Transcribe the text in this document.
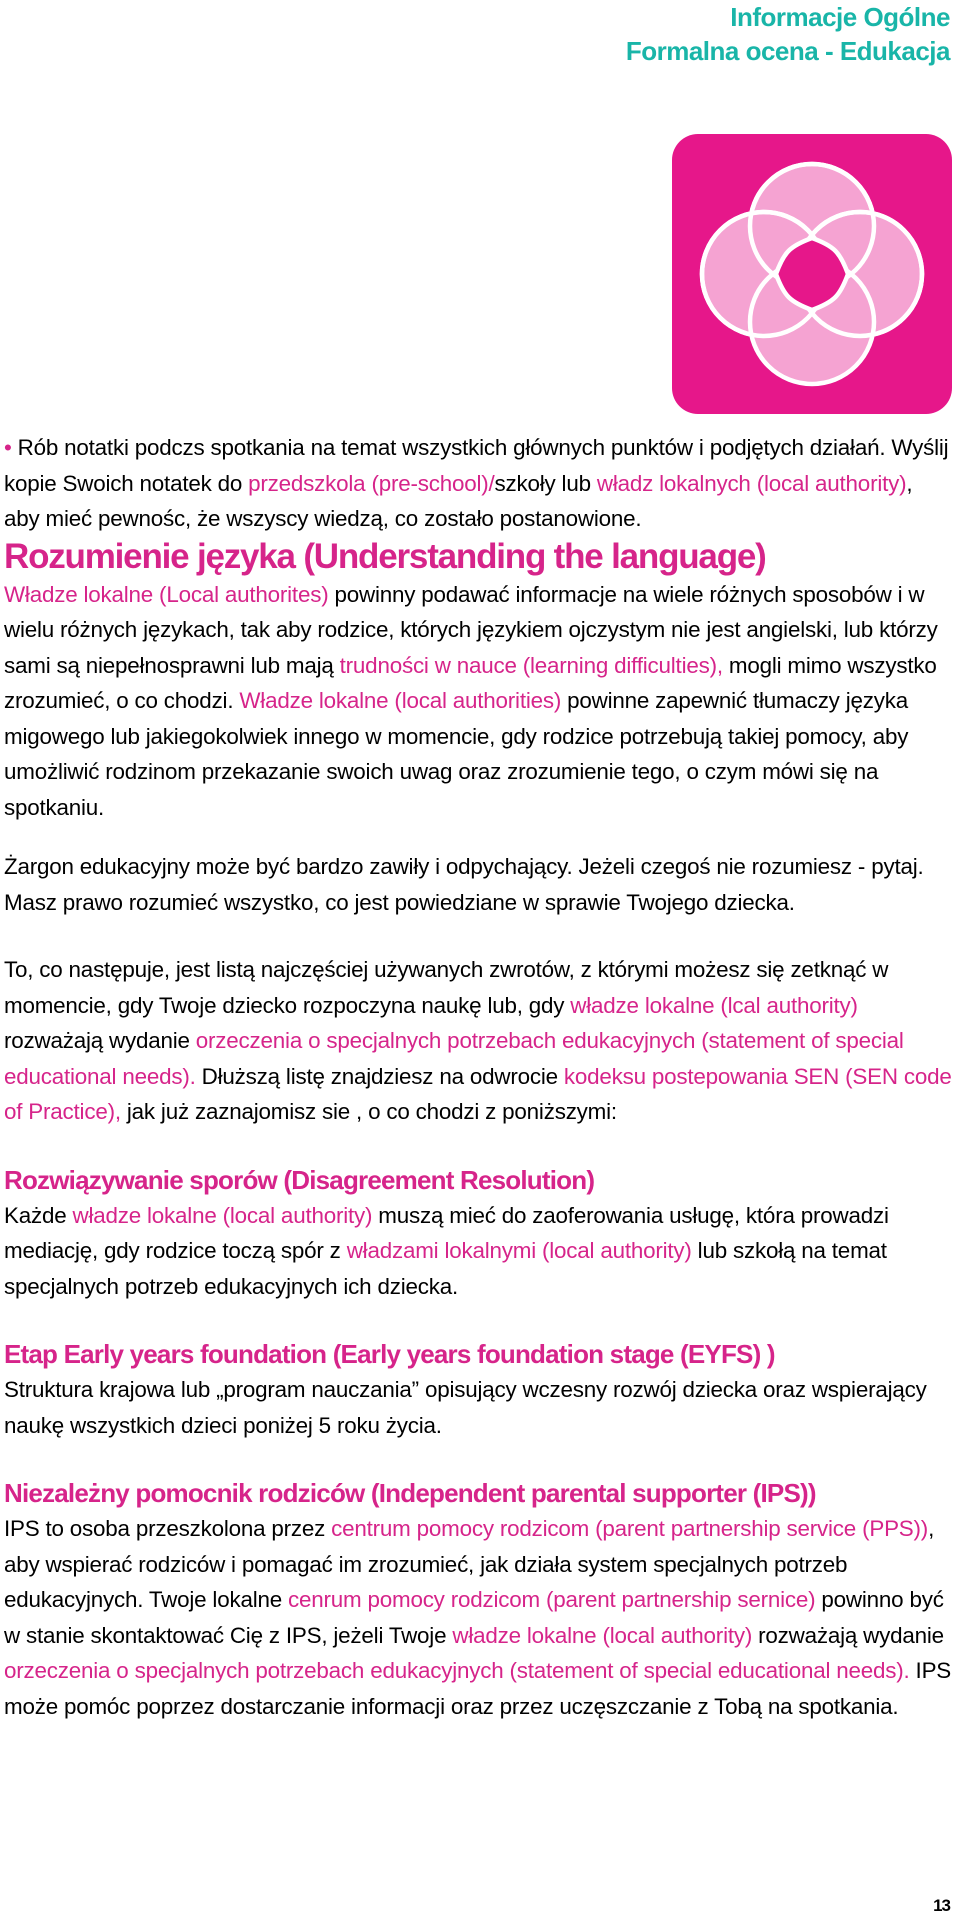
Informacje Ogólne
Formalna ocena - Edukacja

• Rób notatki podczs spotkania na temat wszystkich głównych punktów i podjętych działań. Wyślij kopie Swoich notatek do przedszkola (pre-school)/szkoły lub władz lokalnych (local authority), aby mieć pewnośc, że wszyscy wiedzą, co zostało postanowione.

Rozumienie języka (Understanding the language)

Władze lokalne (Local authorites) powinny podawać informacje na wiele różnych sposobów i w wielu różnych językach, tak aby rodzice, których językiem ojczystym nie jest angielski, lub którzy sami są niepełnosprawni lub mają trudności w nauce (learning difficulties), mogli mimo wszystko zrozumieć, o co chodzi. Władze lokalne (local authorities) powinne zapewnić tłumaczy języka migowego lub jakiegokolwiek innego w momencie, gdy rodzice potrzebują takiej pomocy, aby umożliwić rodzinom przekazanie swoich uwag oraz zrozumienie tego, o czym mówi się na spotkaniu.

Żargon edukacyjny może być bardzo zawiły i odpychający. Jeżeli czegoś nie rozumiesz - pytaj. Masz prawo rozumieć wszystko, co jest powiedziane w sprawie Twojego dziecka.

To, co następuje, jest listą najczęściej używanych zwrotów, z którymi możesz się zetknąć w momencie, gdy Twoje dziecko rozpoczyna naukę lub, gdy władze lokalne (lcal authority) rozważają wydanie orzeczenia o specjalnych potrzebach edukacyjnych (statement of special educational needs). Dłuższą listę znajdziesz na odwrocie kodeksu postepowania SEN (SEN code of Practice), jak już zaznajomisz sie , o co chodzi z poniższymi:

Rozwiązywanie sporów (Disagreement Resolution)

Każde władze lokalne (local authority) muszą mieć do zaoferowania usługę, która prowadzi mediację, gdy rodzice toczą spór z władzami lokalnymi (local authority) lub szkołą na temat specjalnych potrzeb edukacyjnych ich dziecka.

Etap Early years foundation (Early years foundation stage (EYFS) )

Struktura krajowa lub „program nauczania” opisujący wczesny rozwój dziecka oraz wspierający naukę wszystkich dzieci poniżej 5 roku życia.

Niezależny pomocnik rodziców (Independent parental supporter (IPS))

IPS to osoba przeszkolona przez centrum pomocy rodzicom (parent partnership service (PPS)), aby wspierać rodziców i pomagać im zrozumieć, jak działa system specjalnych potrzeb edukacyjnych. Twoje lokalne cenrum pomocy rodzicom (parent partnership sernice) powinno być w stanie skontaktować Cię z IPS, jeżeli Twoje władze lokalne (local authority) rozważają wydanie orzeczenia o specjalnych potrzebach edukacyjnych (statement of special educational needs). IPS może pomóc poprzez dostarczanie informacji oraz przez uczęszczanie z Tobą na spotkania.

13
